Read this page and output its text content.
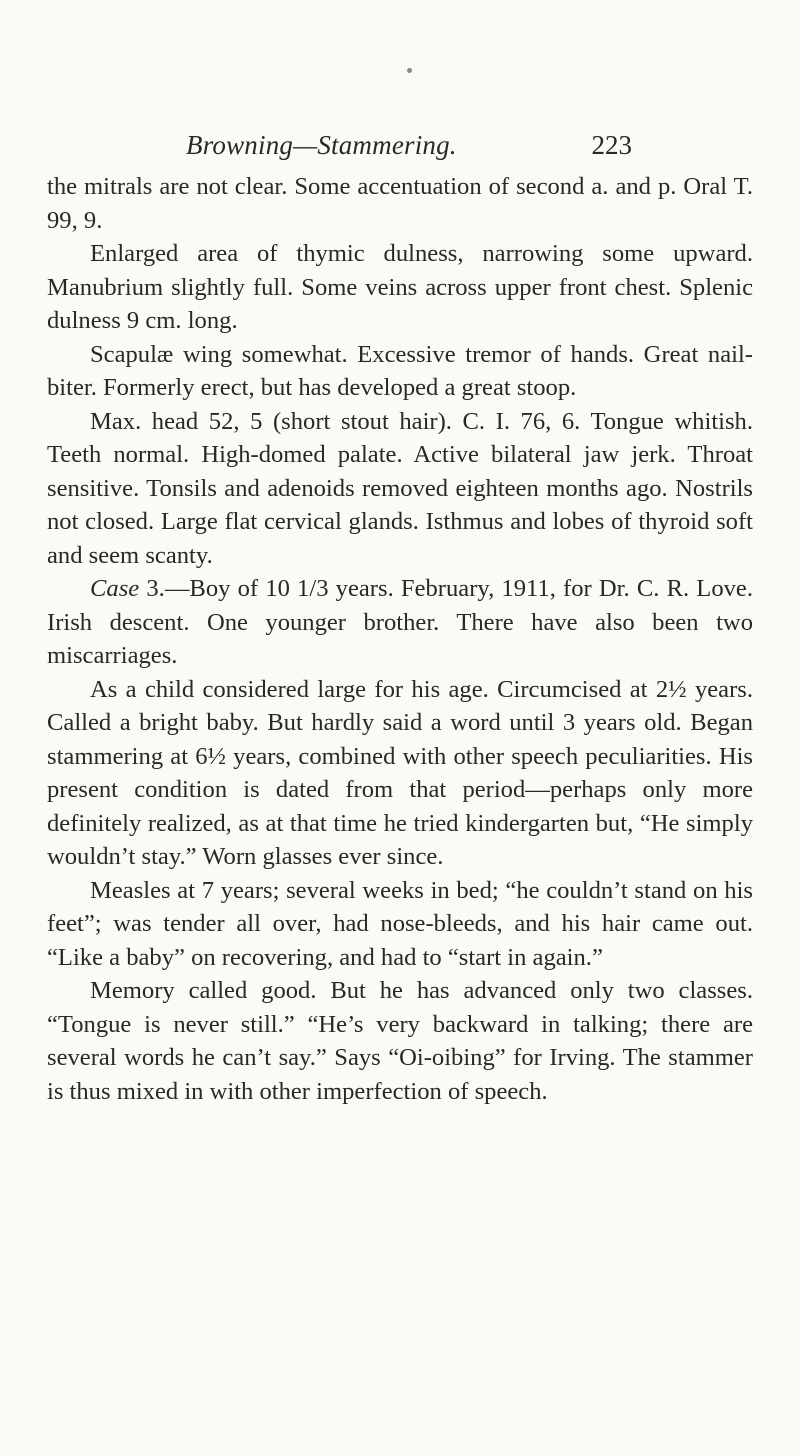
Browning—Stammering.	223

the mitrals are not clear. Some accentuation of second a. and p. Oral T. 99, 9.

Enlarged area of thymic dulness, narrowing some upward. Manubrium slightly full. Some veins across upper front chest. Splenic dulness 9 cm. long.

Scapulæ wing somewhat. Excessive tremor of hands. Great nail-biter. Formerly erect, but has developed a great stoop.

Max. head 52, 5 (short stout hair). C. I. 76, 6. Tongue whitish. Teeth normal. High-domed palate. Active bilateral jaw jerk. Throat sensitive. Tonsils and adenoids removed eighteen months ago. Nostrils not closed. Large flat cervical glands. Isthmus and lobes of thyroid soft and seem scanty.

Case 3.—Boy of 10 1/3 years. February, 1911, for Dr. C. R. Love. Irish descent. One younger brother. There have also been two miscarriages.

As a child considered large for his age. Circumcised at 2½ years. Called a bright baby. But hardly said a word until 3 years old. Began stammering at 6½ years, combined with other speech peculiarities. His present condition is dated from that period—perhaps only more definitely realized, as at that time he tried kindergarten but, “He simply wouldn’t stay.” Worn glasses ever since.

Measles at 7 years; several weeks in bed; “he couldn’t stand on his feet”; was tender all over, had nose-bleeds, and his hair came out. “Like a baby” on recovering, and had to “start in again.”

Memory called good. But he has advanced only two classes. “Tongue is never still.” “He’s very backward in talking; there are several words he can’t say.” Says “Oi-oibing” for Irving. The stammer is thus mixed in with other imperfection of speech.
